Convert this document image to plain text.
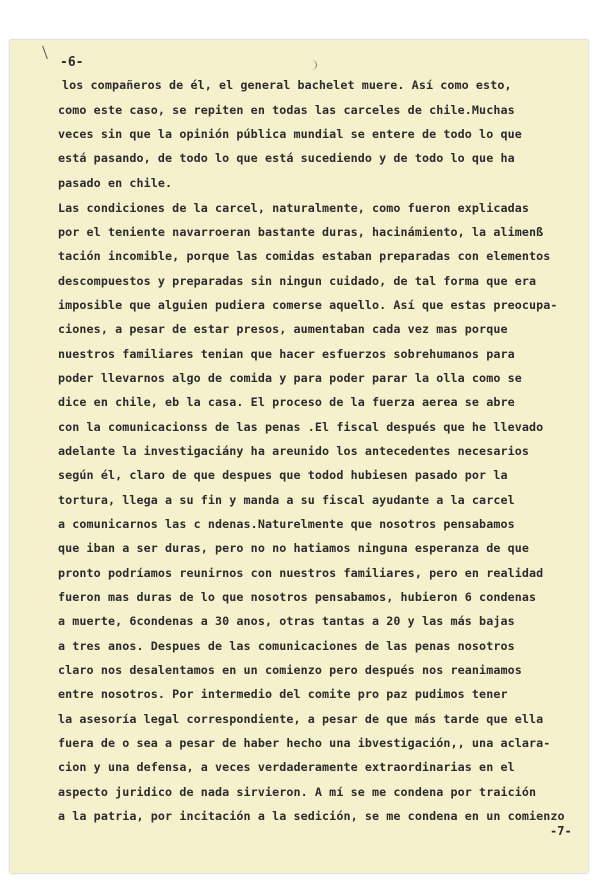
-6-
los compañeros de él, el general bachelet muere. Así como esto,
como este caso, se repiten en todas las carceles de chile.Muchas
veces sin que la opinión pública mundial se entere de todo lo que
está pasando, de todo lo que está sucediendo y de todo lo que ha
pasado en chile.
Las condiciones de la carcel, naturalmente, como fueron explicadas
por el teniente navarroeran bastante duras, hacinámiento, la alimenß
tación incomible, porque las comidas estaban preparadas con elementos
descompuestos y preparadas sin ningun cuidado, de tal forma que era
imposible que alguien pudiera comerse aquello. Así que estas preocupa-
ciones, a pesar de estar presos, aumentaban cada vez mas porque
nuestros familiares tenian que hacer esfuerzos sobrehumanos para
poder llevarnos algo de comida y para poder parar la olla como se
dice en chile, eb la casa. El proceso de la fuerza aerea se abre
con la comunicacionss de las penas .El fiscal después que he llevado
adelante la investigaciány ha areunido los antecedentes necesarios
según él, claro de que despues que todod hubiesen pasado por la
tortura, llega a su fin y manda a su fiscal ayudante a la carcel
a comunicarnos las c ndenas.Naturelmente que nosotros pensabamos
que iban a ser duras, pero no no hatiamos ninguna esperanza de que
pronto podríamos reunirnos con nuestros familiares, pero en realidad
fueron mas duras de lo que nosotros pensabamos, hubieron 6 condenas
a muerte, 6condenas a 30 anos, otras tantas a 20 y las más bajas
a tres anos. Despues de las comunicaciones de las penas nosotros
claro nos desalentamos en un comienzo pero después nos reanimamos
entre nosotros. Por intermedio del comite pro paz pudimos tener
la asesoría legal correspondiente, a pesar de que más tarde que ella
fuera de o sea a pesar de haber hecho una ibvestigación,, una aclara-
cion y una defensa, a veces verdaderamente extraordinarias en el
aspecto juridico de nada sirvieron. A mí se me condena por traición
a la patria, por incitación a la sedición, se me condena en un comienzo
-7-
